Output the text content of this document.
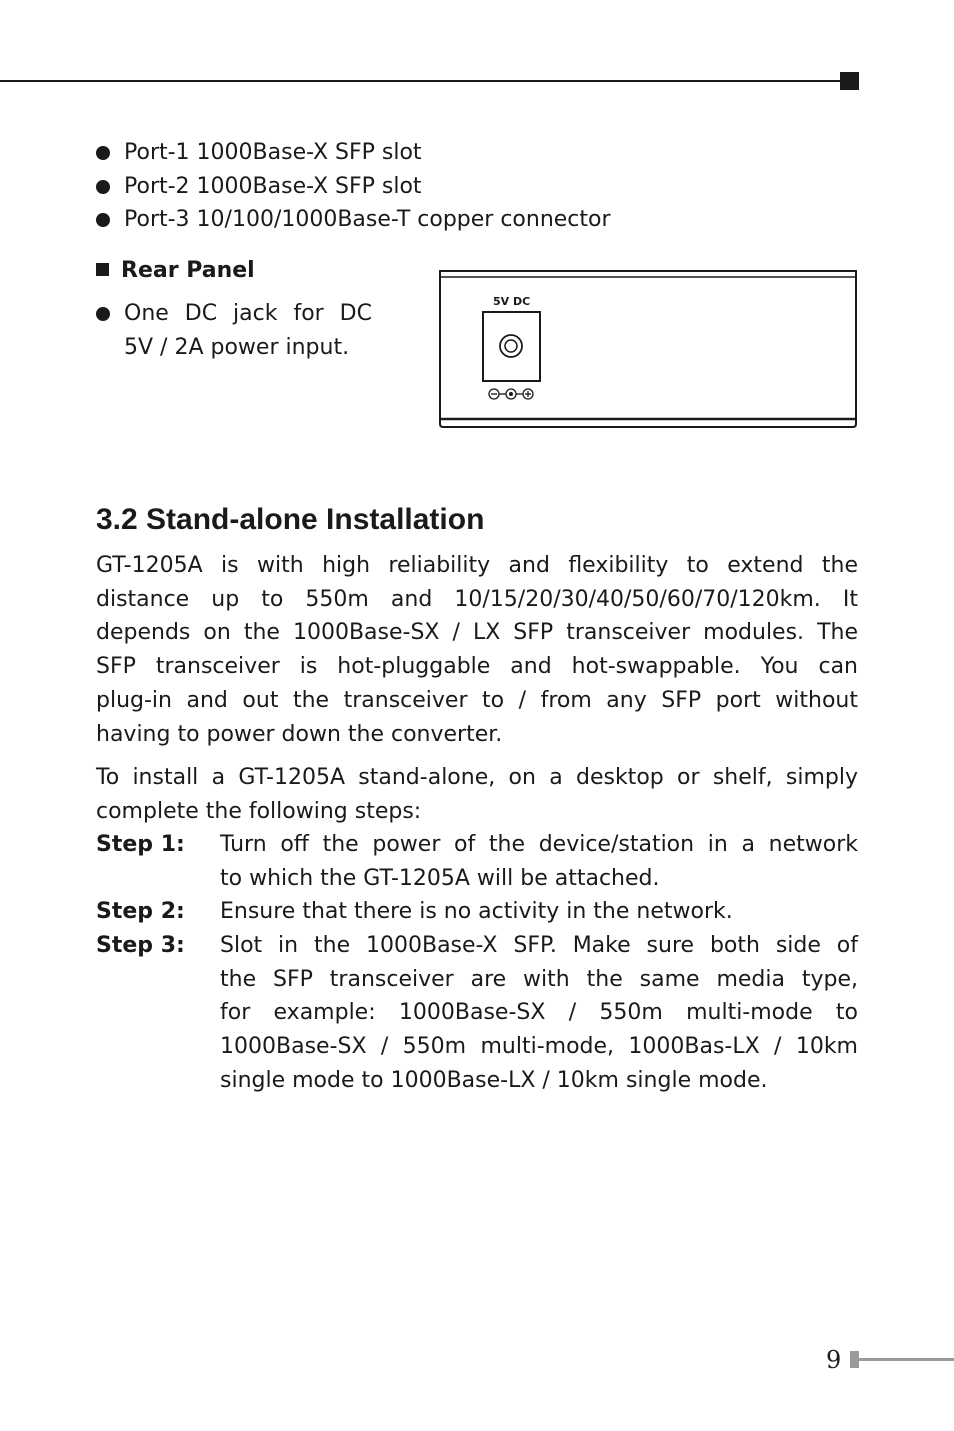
Port-1 1000Base-X SFP slot
Port-2 1000Base-X SFP slot
Port-3 10/100/1000Base-T copper connector
Rear Panel
One DC jack for DC
5V / 2A power input.
5V DC
3.2 Stand-alone Installation
GT-1205A is with high reliability and flexibility to extend the
distance up to 550m and 10/15/20/30/40/50/60/70/120km. It
depends on the 1000Base-SX / LX SFP transceiver modules. The
SFP transceiver is hot-pluggable and hot-swappable. You can
plug-in and out the transceiver to / from any SFP port without
having to power down the converter.
To install a GT-1205A stand-alone, on a desktop or shelf, simply
complete the following steps:
Step 1: Turn off the power of the device/station in a network
to which the GT-1205A will be attached.
Step 2: Ensure that there is no activity in the network.
Step 3: Slot in the 1000Base-X SFP. Make sure both side of
the SFP transceiver are with the same media type,
for example: 1000Base-SX / 550m multi-mode to
1000Base-SX / 550m multi-mode, 1000Bas-LX / 10km
single mode to 1000Base-LX / 10km single mode.
9
